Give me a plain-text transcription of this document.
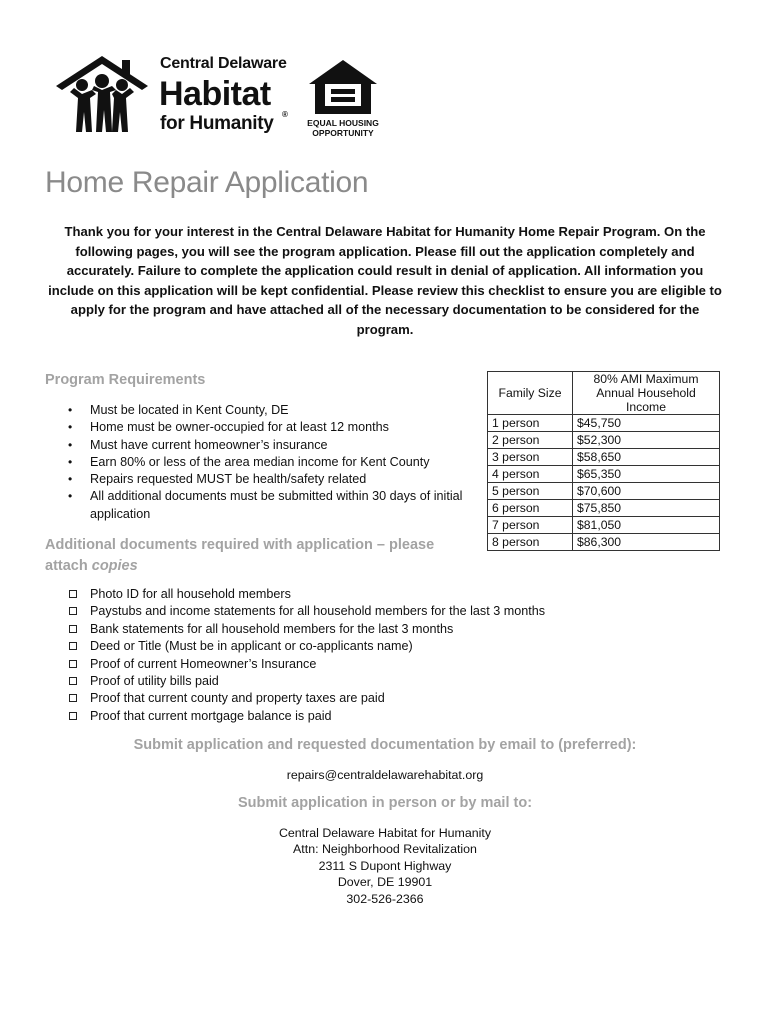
Central Delaware
Habitat
for Humanity ®
EQUAL HOUSING
OPPORTUNITY
Home Repair Application
Thank you for your interest in the Central Delaware Habitat for Humanity Home Repair Program. On the following pages, you will see the program application. Please fill out the application completely and accurately. Failure to complete the application could result in denial of application. All information you include on this application will be kept confidential. Please review this checklist to ensure you are eligible to apply for the program and have attached all of the necessary documentation to be considered for the program.
Program Requirements
• Must be located in Kent County, DE
• Home must be owner-occupied for at least 12 months
• Must have current homeowner’s insurance
• Earn 80% or less of the area median income for Kent County
• Repairs requested MUST be health/safety related
• All additional documents must be submitted within 30 days of initial application
Family Size	80% AMI Maximum Annual Household Income
1 person	$45,750
2 person	$52,300
3 person	$58,650
4 person	$65,350
5 person	$70,600
6 person	$75,850
7 person	$81,050
8 person	$86,300
Additional documents required with application – please attach copies
Photo ID for all household members
Paystubs and income statements for all household members for the last 3 months
Bank statements for all household members for the last 3 months
Deed or Title (Must be in applicant or co-applicants name)
Proof of current Homeowner’s Insurance
Proof of utility bills paid
Proof that current county and property taxes are paid
Proof that current mortgage balance is paid
Submit application and requested documentation by email to (preferred):
repairs@centraldelawarehabitat.org
Submit application in person or by mail to:
Central Delaware Habitat for Humanity
Attn: Neighborhood Revitalization
2311 S Dupont Highway
Dover, DE 19901
302-526-2366
